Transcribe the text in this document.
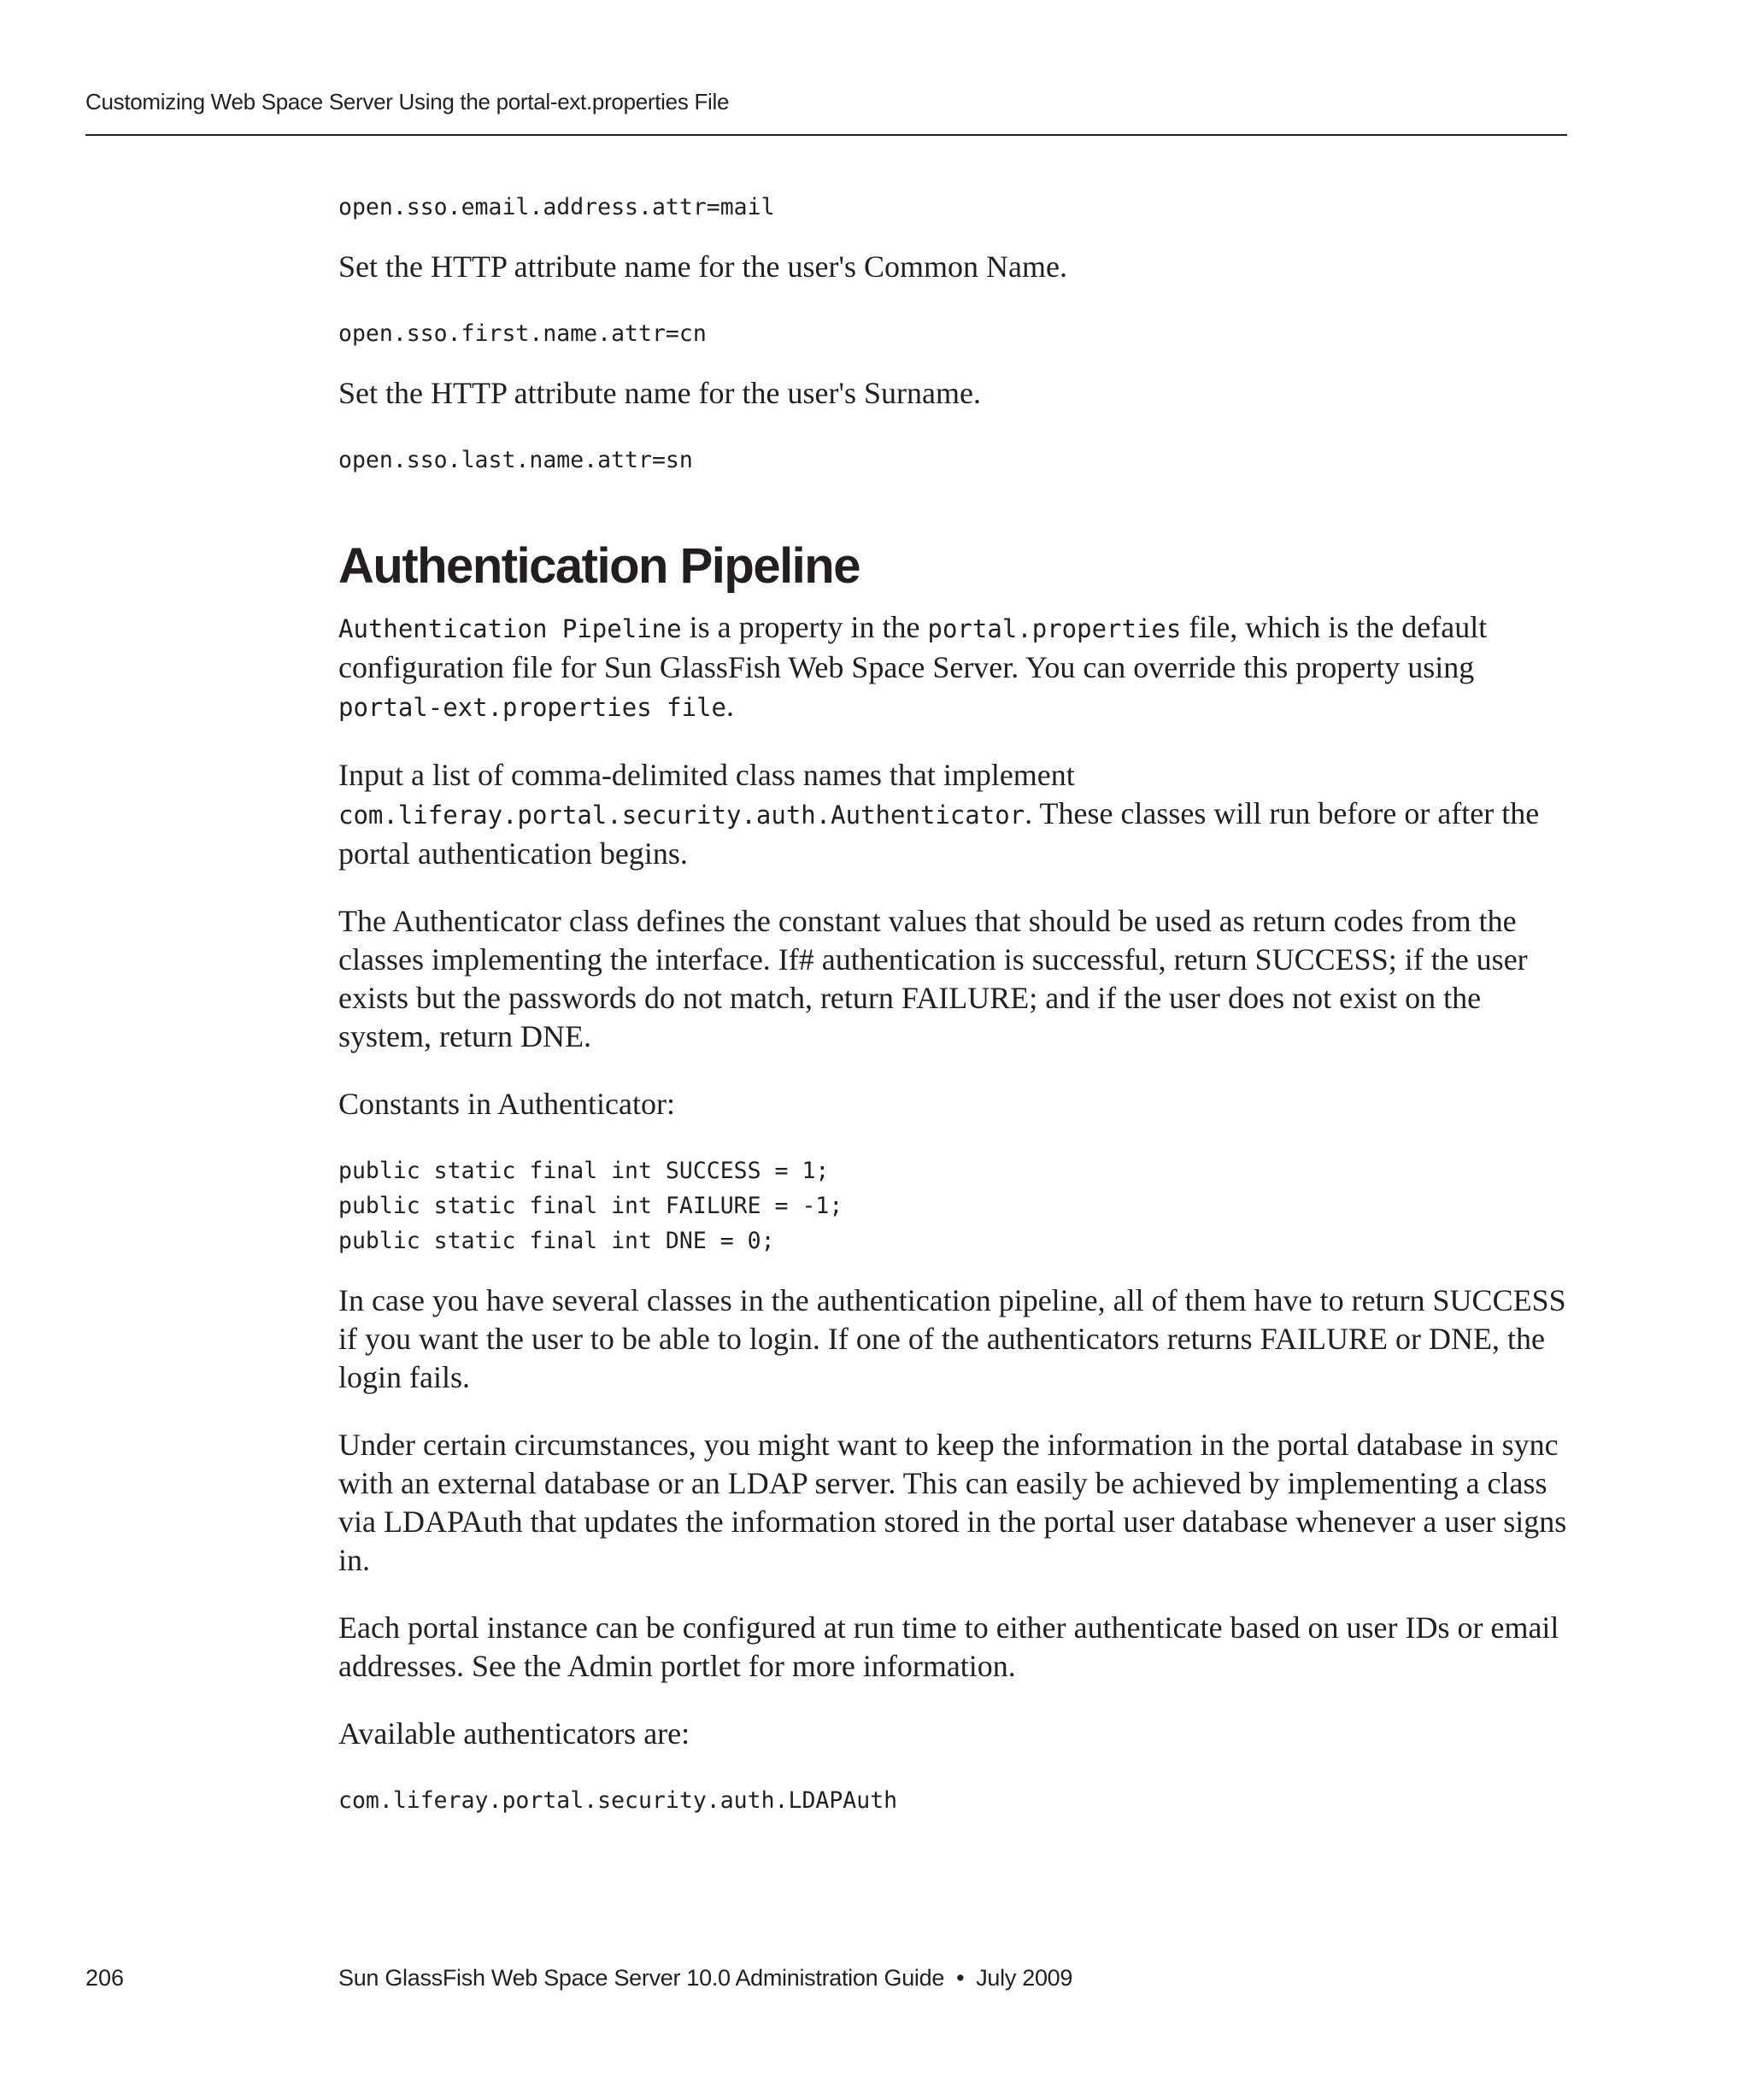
Customizing Web Space Server Using the portal-ext.properties File

open.sso.email.address.attr=mail

Set the HTTP attribute name for the user's Common Name.

open.sso.first.name.attr=cn

Set the HTTP attribute name for the user's Surname.

open.sso.last.name.attr=sn

Authentication Pipeline

Authentication Pipeline is a property in the portal.properties file, which is the default configuration file for Sun GlassFish Web Space Server. You can override this property using portal-ext.properties file.

Input a list of comma-delimited class names that implement com.liferay.portal.security.auth.Authenticator. These classes will run before or after the portal authentication begins.

The Authenticator class defines the constant values that should be used as return codes from the classes implementing the interface. If# authentication is successful, return SUCCESS; if the user exists but the passwords do not match, return FAILURE; and if the user does not exist on the system, return DNE.

Constants in Authenticator:

public static final int SUCCESS = 1;

public static final int FAILURE = -1;

public static final int DNE = 0;

In case you have several classes in the authentication pipeline, all of them have to return SUCCESS if you want the user to be able to login. If one of the authenticators returns FAILURE or DNE, the login fails.

Under certain circumstances, you might want to keep the information in the portal database in sync with an external database or an LDAP server. This can easily be achieved by implementing a class via LDAPAuth that updates the information stored in the portal user database whenever a user signs in.

Each portal instance can be configured at run time to either authenticate based on user IDs or email addresses. See the Admin portlet for more information.

Available authenticators are:

com.liferay.portal.security.auth.LDAPAuth

206	Sun GlassFish Web Space Server 10.0 Administration Guide • July 2009
